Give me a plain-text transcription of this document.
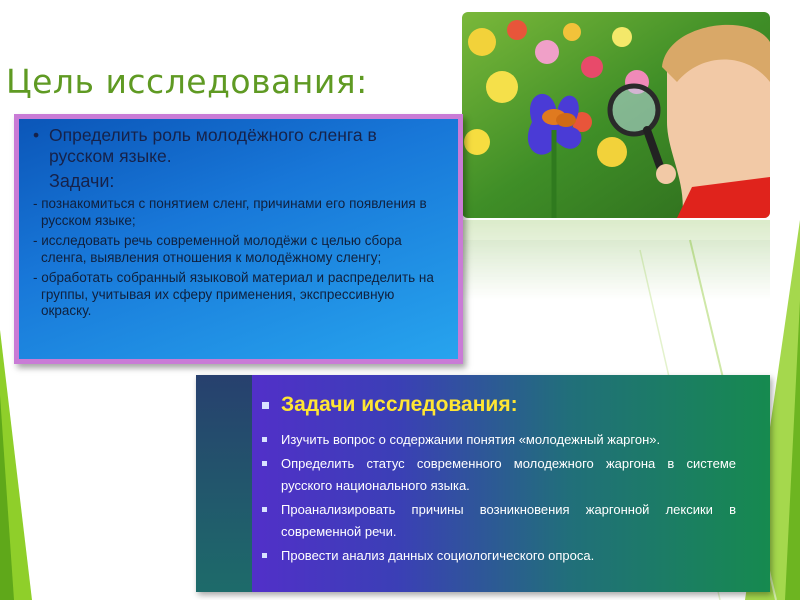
Цель исследования:
• Определить роль молодёжного сленга в
русском языке.
Задачи:
- познакомиться с понятием сленг, причинами его появления в русском языке;
- исследовать речь современной молодёжи с целью сбора сленга, выявления отношения к молодёжному сленгу;
- обработать собранный языковой материал и распределить на группы, учитывая их сферу применения, экспрессивную окраску.
Задачи исследования:
Изучить вопрос о содержании понятия «молодежный жаргон».
Определить статус современного молодежного жаргона в системе русского национального языка.
Проанализировать причины возникновения жаргонной лексики в современной речи.
Провести анализ данных социологического опроса.
